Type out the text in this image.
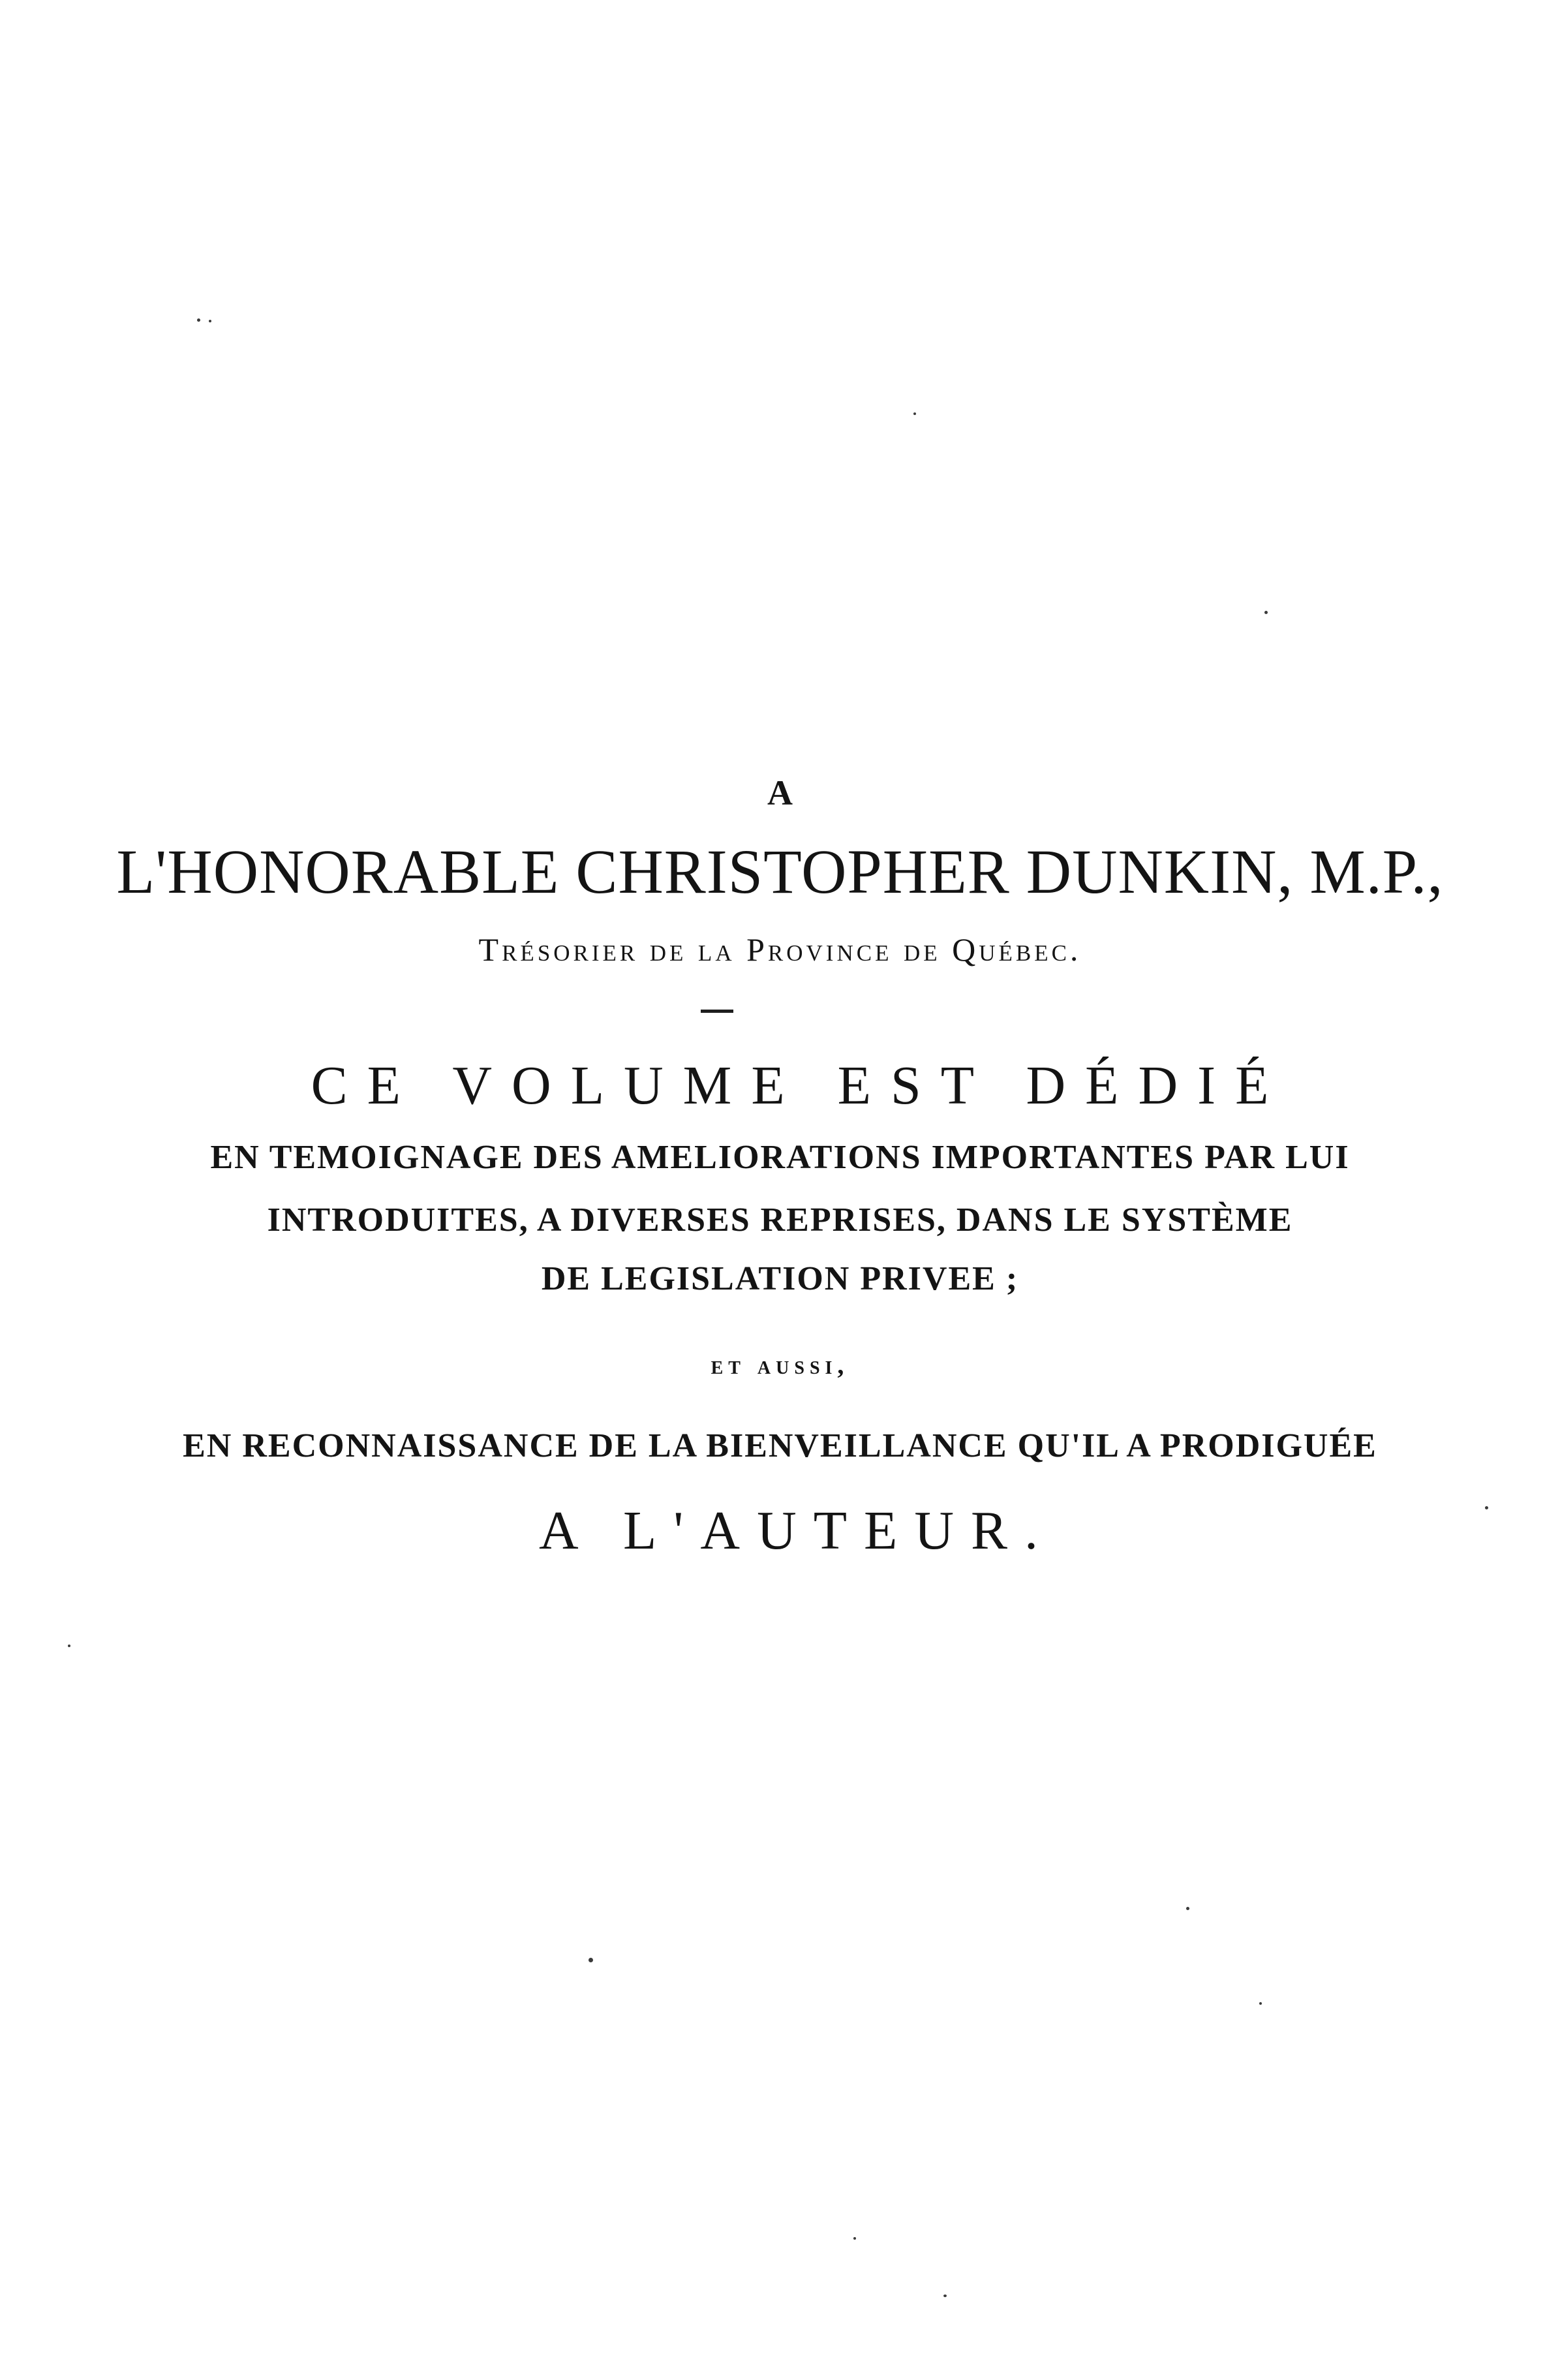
A
L'HONORABLE CHRISTOPHER DUNKIN, M.P.,
Trésorier de la Province de Québec.
CE VOLUME EST DÉDIÉ
EN TEMOIGNAGE DES AMELIORATIONS IMPORTANTES PAR LUI
INTRODUITES, A DIVERSES REPRISES, DANS LE SYSTÈME
DE LEGISLATION PRIVEE ;
et aussi,
EN RECONNAISSANCE DE LA BIENVEILLANCE QU'IL A PRODIGUÉE
A L'AUTEUR.
